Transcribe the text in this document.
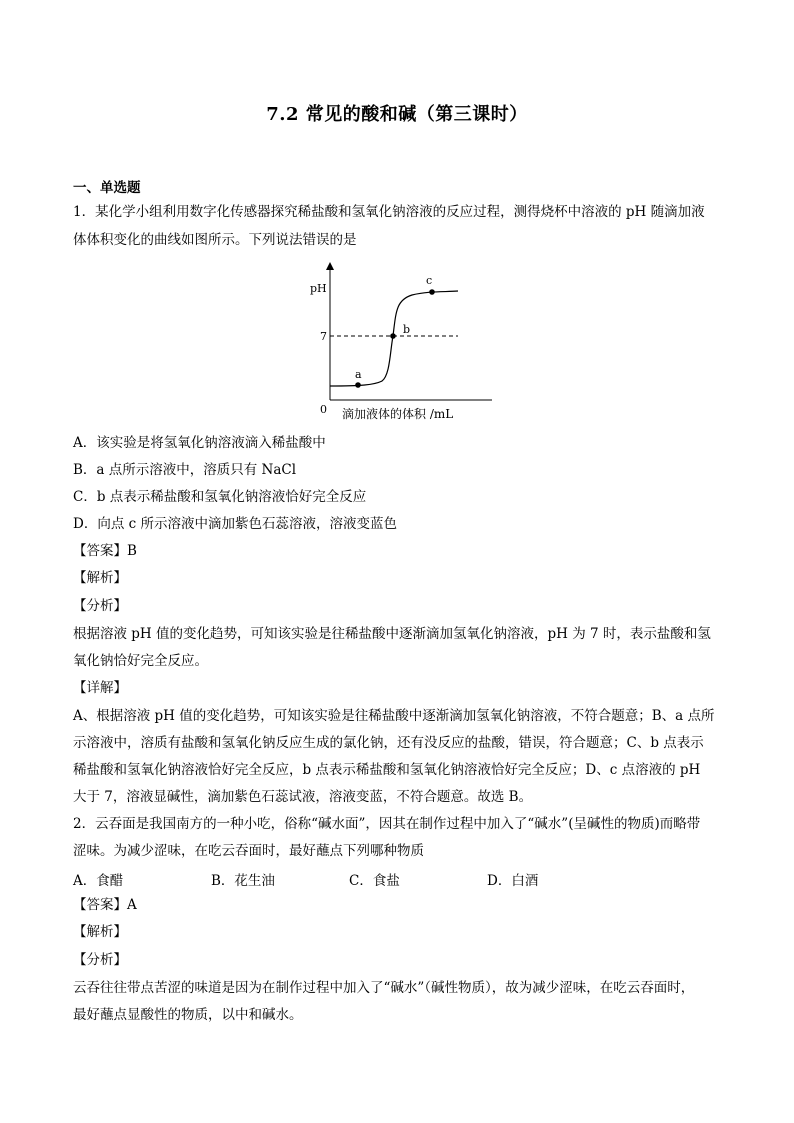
7.2 常见的酸和碱（第三课时）
一、单选题
1．某化学小组利用数字化传感器探究稀盐酸和氢氧化钠溶液的反应过程，测得烧杯中溶液的 pH 随滴加液
体体积变化的曲线如图所示。下列说法错误的是
a
b
c
pH
7
0 滴加液体的体积 /mL
A．该实验是将氢氧化钠溶液滴入稀盐酸中
B．a 点所示溶液中，溶质只有 NaCl
C．b 点表示稀盐酸和氢氧化钠溶液恰好完全反应
D．向点 c 所示溶液中滴加紫色石蕊溶液，溶液变蓝色
【答案】B
【解析】
【分析】
根据溶液 pH 值的变化趋势，可知该实验是往稀盐酸中逐渐滴加氢氧化钠溶液，pH 为 7 时，表示盐酸和氢
氧化钠恰好完全反应。
【详解】
A、根据溶液 pH 值的变化趋势，可知该实验是往稀盐酸中逐渐滴加氢氧化钠溶液，不符合题意；B、a 点所
示溶液中，溶质有盐酸和氢氧化钠反应生成的氯化钠，还有没反应的盐酸，错误，符合题意；C、b 点表示
稀盐酸和氢氧化钠溶液恰好完全反应，b 点表示稀盐酸和氢氧化钠溶液恰好完全反应；D、c 点溶液的 pH
大于 7，溶液显碱性，滴加紫色石蕊试液，溶液变蓝，不符合题意。故选 B。
2．云吞面是我国南方的一种小吃，俗称“碱水面”，因其在制作过程中加入了“碱水”(呈碱性的物质)而略带
涩味。为减少涩味，在吃云吞面时，最好蘸点下列哪种物质
A．食醋	B．花生油	C．食盐	D．白酒
【答案】A
【解析】
【分析】
云吞往往带点苦涩的味道是因为在制作过程中加入了“碱水”（碱性物质），故为减少涩味，在吃云吞面时，
最好蘸点显酸性的物质，以中和碱水。
